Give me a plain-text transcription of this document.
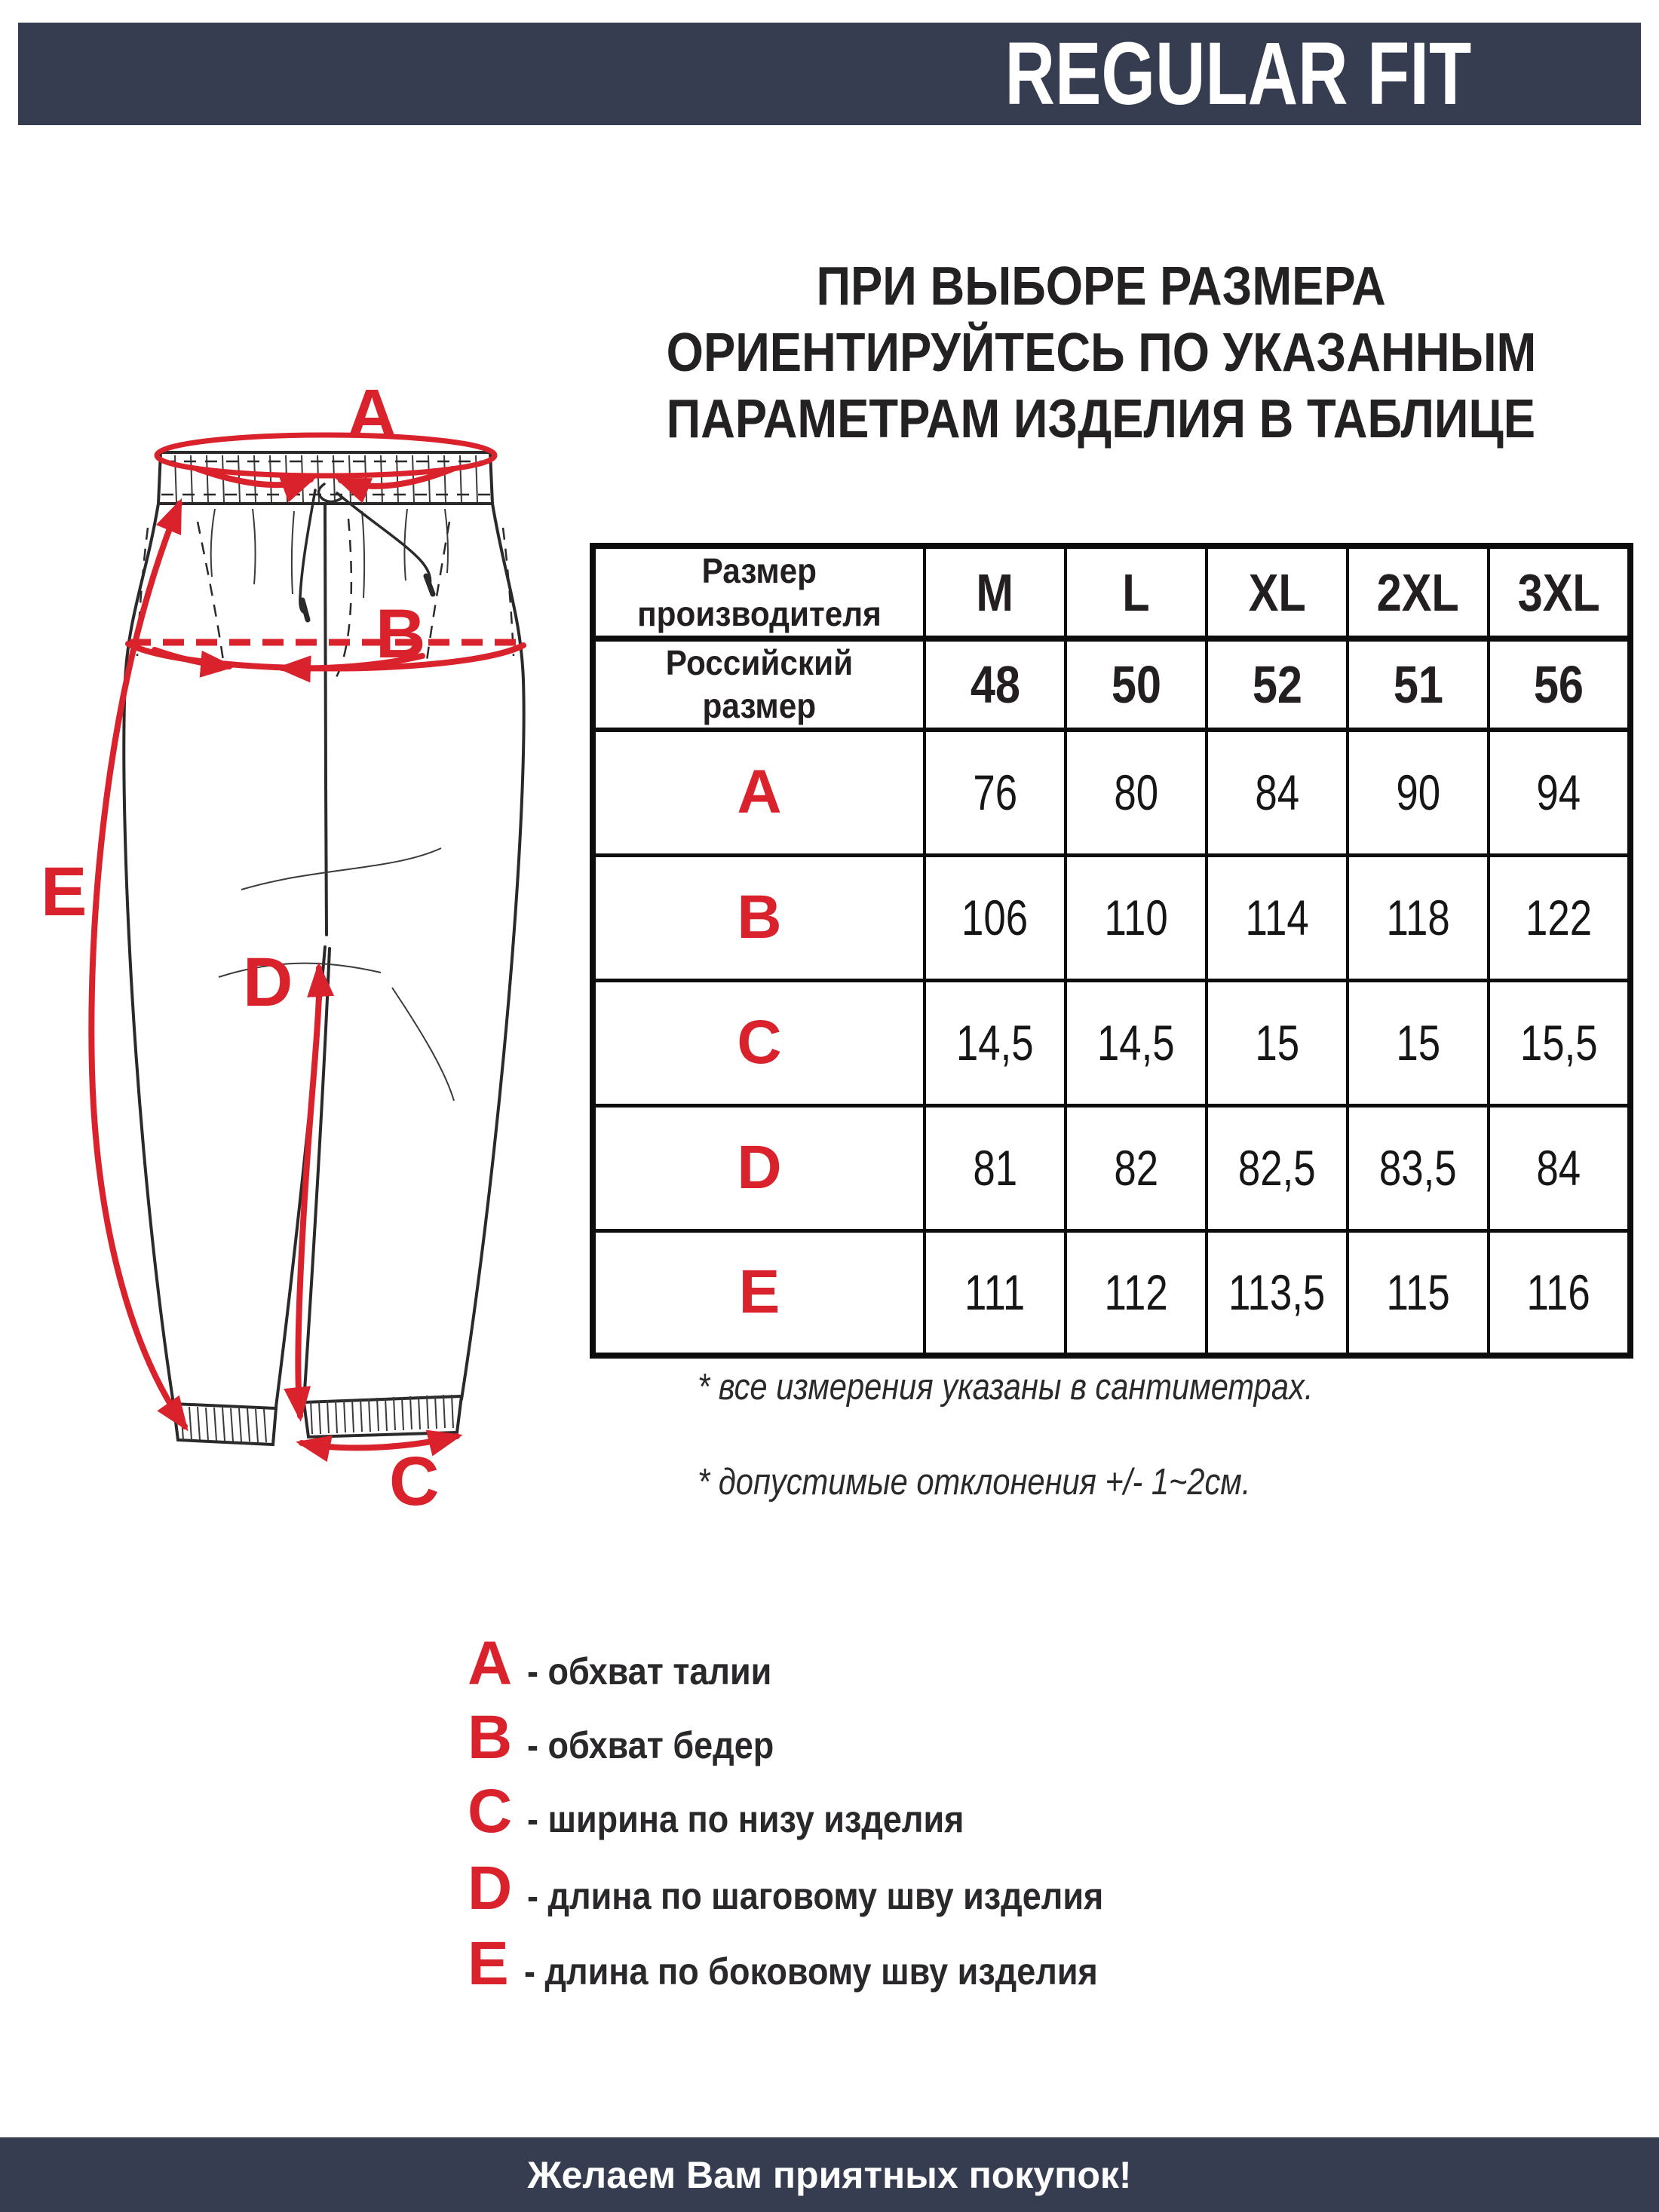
REGULAR FIT
ПРИ ВЫБОРЕ РАЗМЕРА
ОРИЕНТИРУЙТЕСЬ ПО УКАЗАННЫМ
ПАРАМЕТРАМ ИЗДЕЛИЯ В ТАБЛИЦЕ
A
B
C
D
E
Размер
производителя	M	L	XL	2XL	3XL
Российский
размер	48	50	52	51	56
A	76	80	84	90	94
B	106	110	114	118	122
C	14,5	14,5	15	15	15,5
D	81	82	82,5	83,5	84
E	111	112	113,5	115	116
* все измерения указаны в сантиметрах.
* допустимые отклонения +/- 1~2см.
A - обхват талии
B - обхват бедер
C - ширина по низу изделия
D - длина по шаговому шву изделия
E - длина по боковому шву изделия
Желаем Вам приятных покупок!
